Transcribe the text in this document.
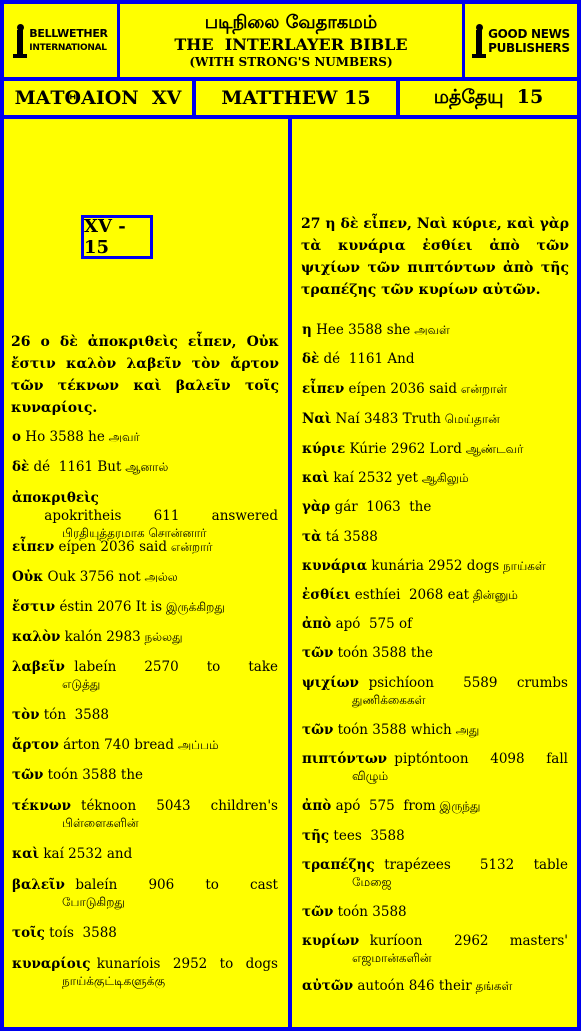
BELLWETHER
INTERNATIONAL
படிநிலை வேதாகமம்
THE  INTERLAYER BIBLE
(WITH STRONG'S NUMBERS)
GOOD NEWS
PUBLISHERS
ΜΑΤΘΑΙΟΝ  XV MATTHEW 15	மத்தேயு  15
XV - 15
26 ο δὲ ἀποκριθεὶς εἶπεν, Οὐκ ἔστιν καλὸν λαβεῖν τὸν ἄρτον τῶν τέκνων καὶ βαλεῖν τοῖς κυναρίοις.
27 η δὲ εἶπεν, Ναὶ κύριε, καὶ γὰρ τὰ κυνάρια ἐσθίει ἀπὸ τῶν ψιχίων τῶν πιπτόντων ἀπὸ τῆς τραπέζης τῶν κυρίων αὐτῶν.
ο Ho 3588 he அவர்
δὲ dé  1161 But ஆனால்
ἀποκριθεὶς apokritheis 611 answered
பிரதியுத்தரமாக சொன்னார்
εἶπεν eípen 2036 said என்றார்
Οὐκ Ouk 3756 not அல்ல
ἔστιν éstin 2076 It is இருக்கிறது
καλὸν kalón 2983 நல்லது
λαβεῖν labeín   2570   to   take
எடுத்து
τὸν tón  3588
ἄρτον árton 740 bread அப்பம்
τῶν toón 3588 the
τέκνων téknoon  5043  children's
பிள்ளைகளின்
καὶ kaí 2532 and
βαλεῖν baleín   906   to   cast
போடுகிறது
τοῖς toís  3588
κυναρίοις kunaríois  2952  to  dogs
நாய்க்குட்டிகளுக்கு
η Hee 3588 she அவள்
δὲ dé  1161 And
εἶπεν eípen 2036 said என்றாள்
Ναὶ Naí 3483 Truth மெய்தான்
κύριε Kúrie 2962 Lord ஆண்டவர்
καὶ kaí 2532 yet ஆகிலும்
γὰρ gár  1063  the
τὰ tá 3588
κυνάρια kunária 2952 dogs நாய்கள்
ἐσθίει esthíei  2068 eat தின்னும்
ἀπὸ apó  575 of
τῶν toón 3588 the
ψιχίων psichíoon   5589  crumbs
துணிக்கைகள்
τῶν toón 3588 which அது
πιπτόντων piptóntoon   4098   fall
விழும்
ἀπὸ apó  575  from இருந்து
τῆς tees  3588
τραπέζης trapézees   5132  table
மேஜை
τῶν toón 3588
κυρίων kuríoon   2962  masters'
எஜமான்களின்
αὐτῶν autoón 846 their தங்கள்
